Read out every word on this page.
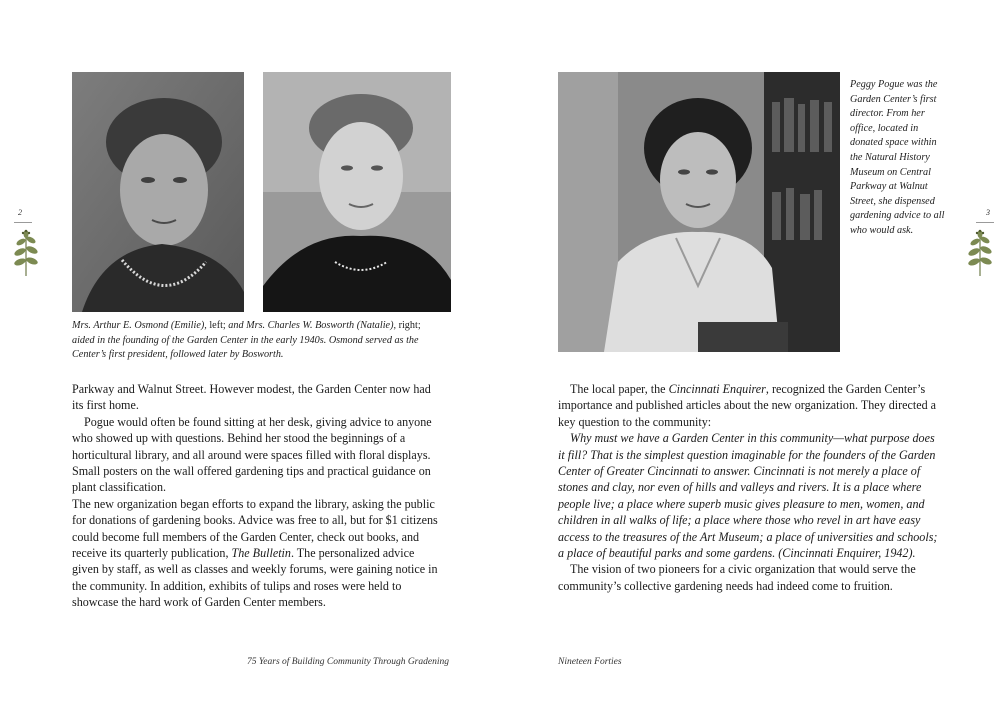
2
Mrs. Arthur E. Osmond (Emilie), left; and Mrs. Charles W. Bosworth (Natalie), right;
aided in the founding of the Garden Center in the early 1940s. Osmond served as the
Center’s first president, followed later by Bosworth.

Parkway and Walnut Street. However modest, the Garden Center now had its first home.

Pogue would often be found sitting at her desk, giving advice to anyone who showed up with questions. Behind her stood the beginnings of a horticultural library, and all around were spaces filled with floral displays. Small posters on the wall offered gardening tips and practical guidance on plant classification.

The new organization began efforts to expand the library, asking the public for donations of gardening books. Advice was free to all, but for $1 citizens could become full members of the Garden Center, check out books, and receive its quarterly publication, The Bulletin. The personalized advice given by staff, as well as classes and weekly forums, were gaining notice in the community. In addition, exhibits of tulips and roses were held to showcase the hard work of Garden Center members.

75 Years of Building Community Through Gradening
Peggy Pogue was the Garden Center’s first director. From her office, located in donated space within the Natural History Museum on Central Parkway at Walnut Street, she dispensed gardening advice to all who would ask.
3

The local paper, the Cincinnati Enquirer, recognized the Garden Center’s importance and published articles about the new organization. They directed a key question to the community:

Why must we have a Garden Center in this community—what purpose does it fill? That is the simplest question imaginable for the founders of the Garden Center of Greater Cincinnati to answer. Cincinnati is not merely a place of stones and clay, nor even of hills and valleys and rivers. It is a place where people live; a place where superb music gives pleasure to men, women, and children in all walks of life; a place where those who revel in art have easy access to the treasures of the Art Museum; a place of universities and schools; a place of beautiful parks and some gardens. (Cincinnati Enquirer, 1942).

The vision of two pioneers for a civic organization that would serve the community’s collective gardening needs had indeed come to fruition.

Nineteen Forties
